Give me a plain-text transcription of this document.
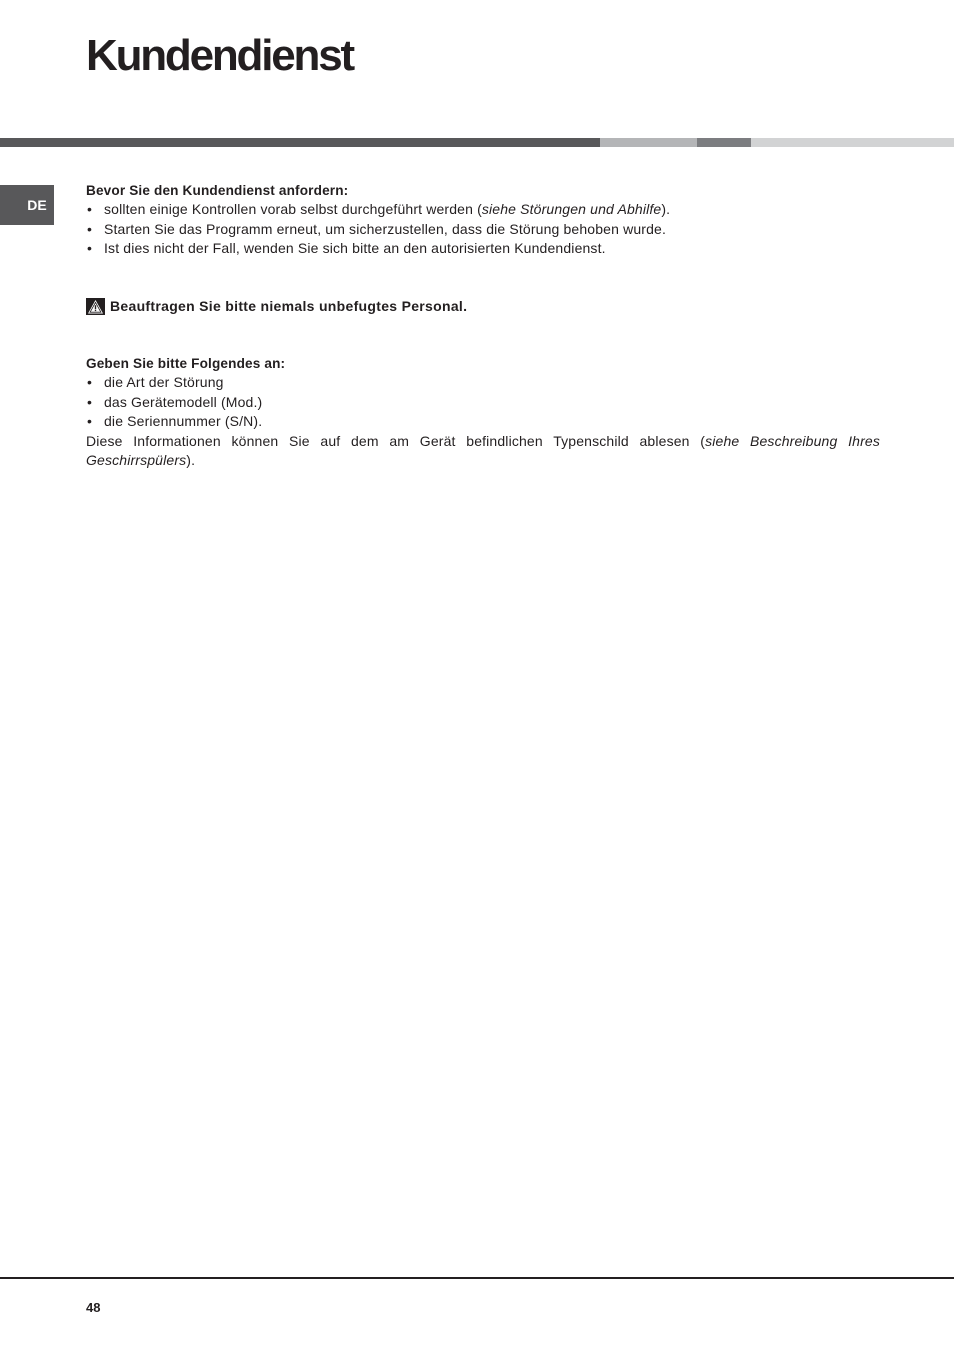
Kundendienst
DE

Bevor Sie den Kundendienst anfordern:

• sollten einige Kontrollen vorab selbst durchgeführt werden (siehe Störungen und Abhilfe).
• Starten Sie das Programm erneut, um sicherzustellen, dass die Störung behoben wurde.
• Ist dies nicht der Fall, wenden Sie sich bitte an den autorisierten Kundendienst.
Beauftragen Sie bitte niemals unbefugtes Personal.

Geben Sie bitte Folgendes an:

• die Art der Störung
• das Gerätemodell (Mod.)
• die Seriennummer (S/N).

Diese Informationen können Sie auf dem am Gerät befindlichen Typenschild ablesen (siehe Beschreibung Ihres Geschirrspülers).

48
